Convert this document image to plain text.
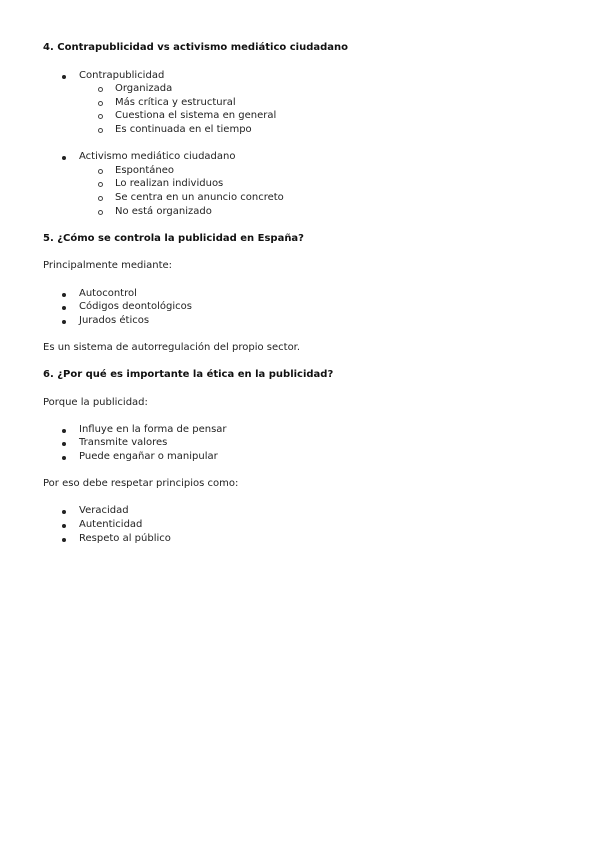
4. Contrapublicidad vs activismo mediático ciudadano
Contrapublicidad
Organizada
Más crítica y estructural
Cuestiona el sistema en general
Es continuada en el tiempo
Activismo mediático ciudadano
Espontáneo
Lo realizan individuos
Se centra en un anuncio concreto
No está organizado
5. ¿Cómo se controla la publicidad en España?

Principalmente mediante:

Autocontrol
Códigos deontológicos
Jurados éticos

Es un sistema de autorregulación del propio sector.

6. ¿Por qué es importante la ética en la publicidad?

Porque la publicidad:

Influye en la forma de pensar
Transmite valores
Puede engañar o manipular

Por eso debe respetar principios como:

Veracidad
Autenticidad
Respeto al público
